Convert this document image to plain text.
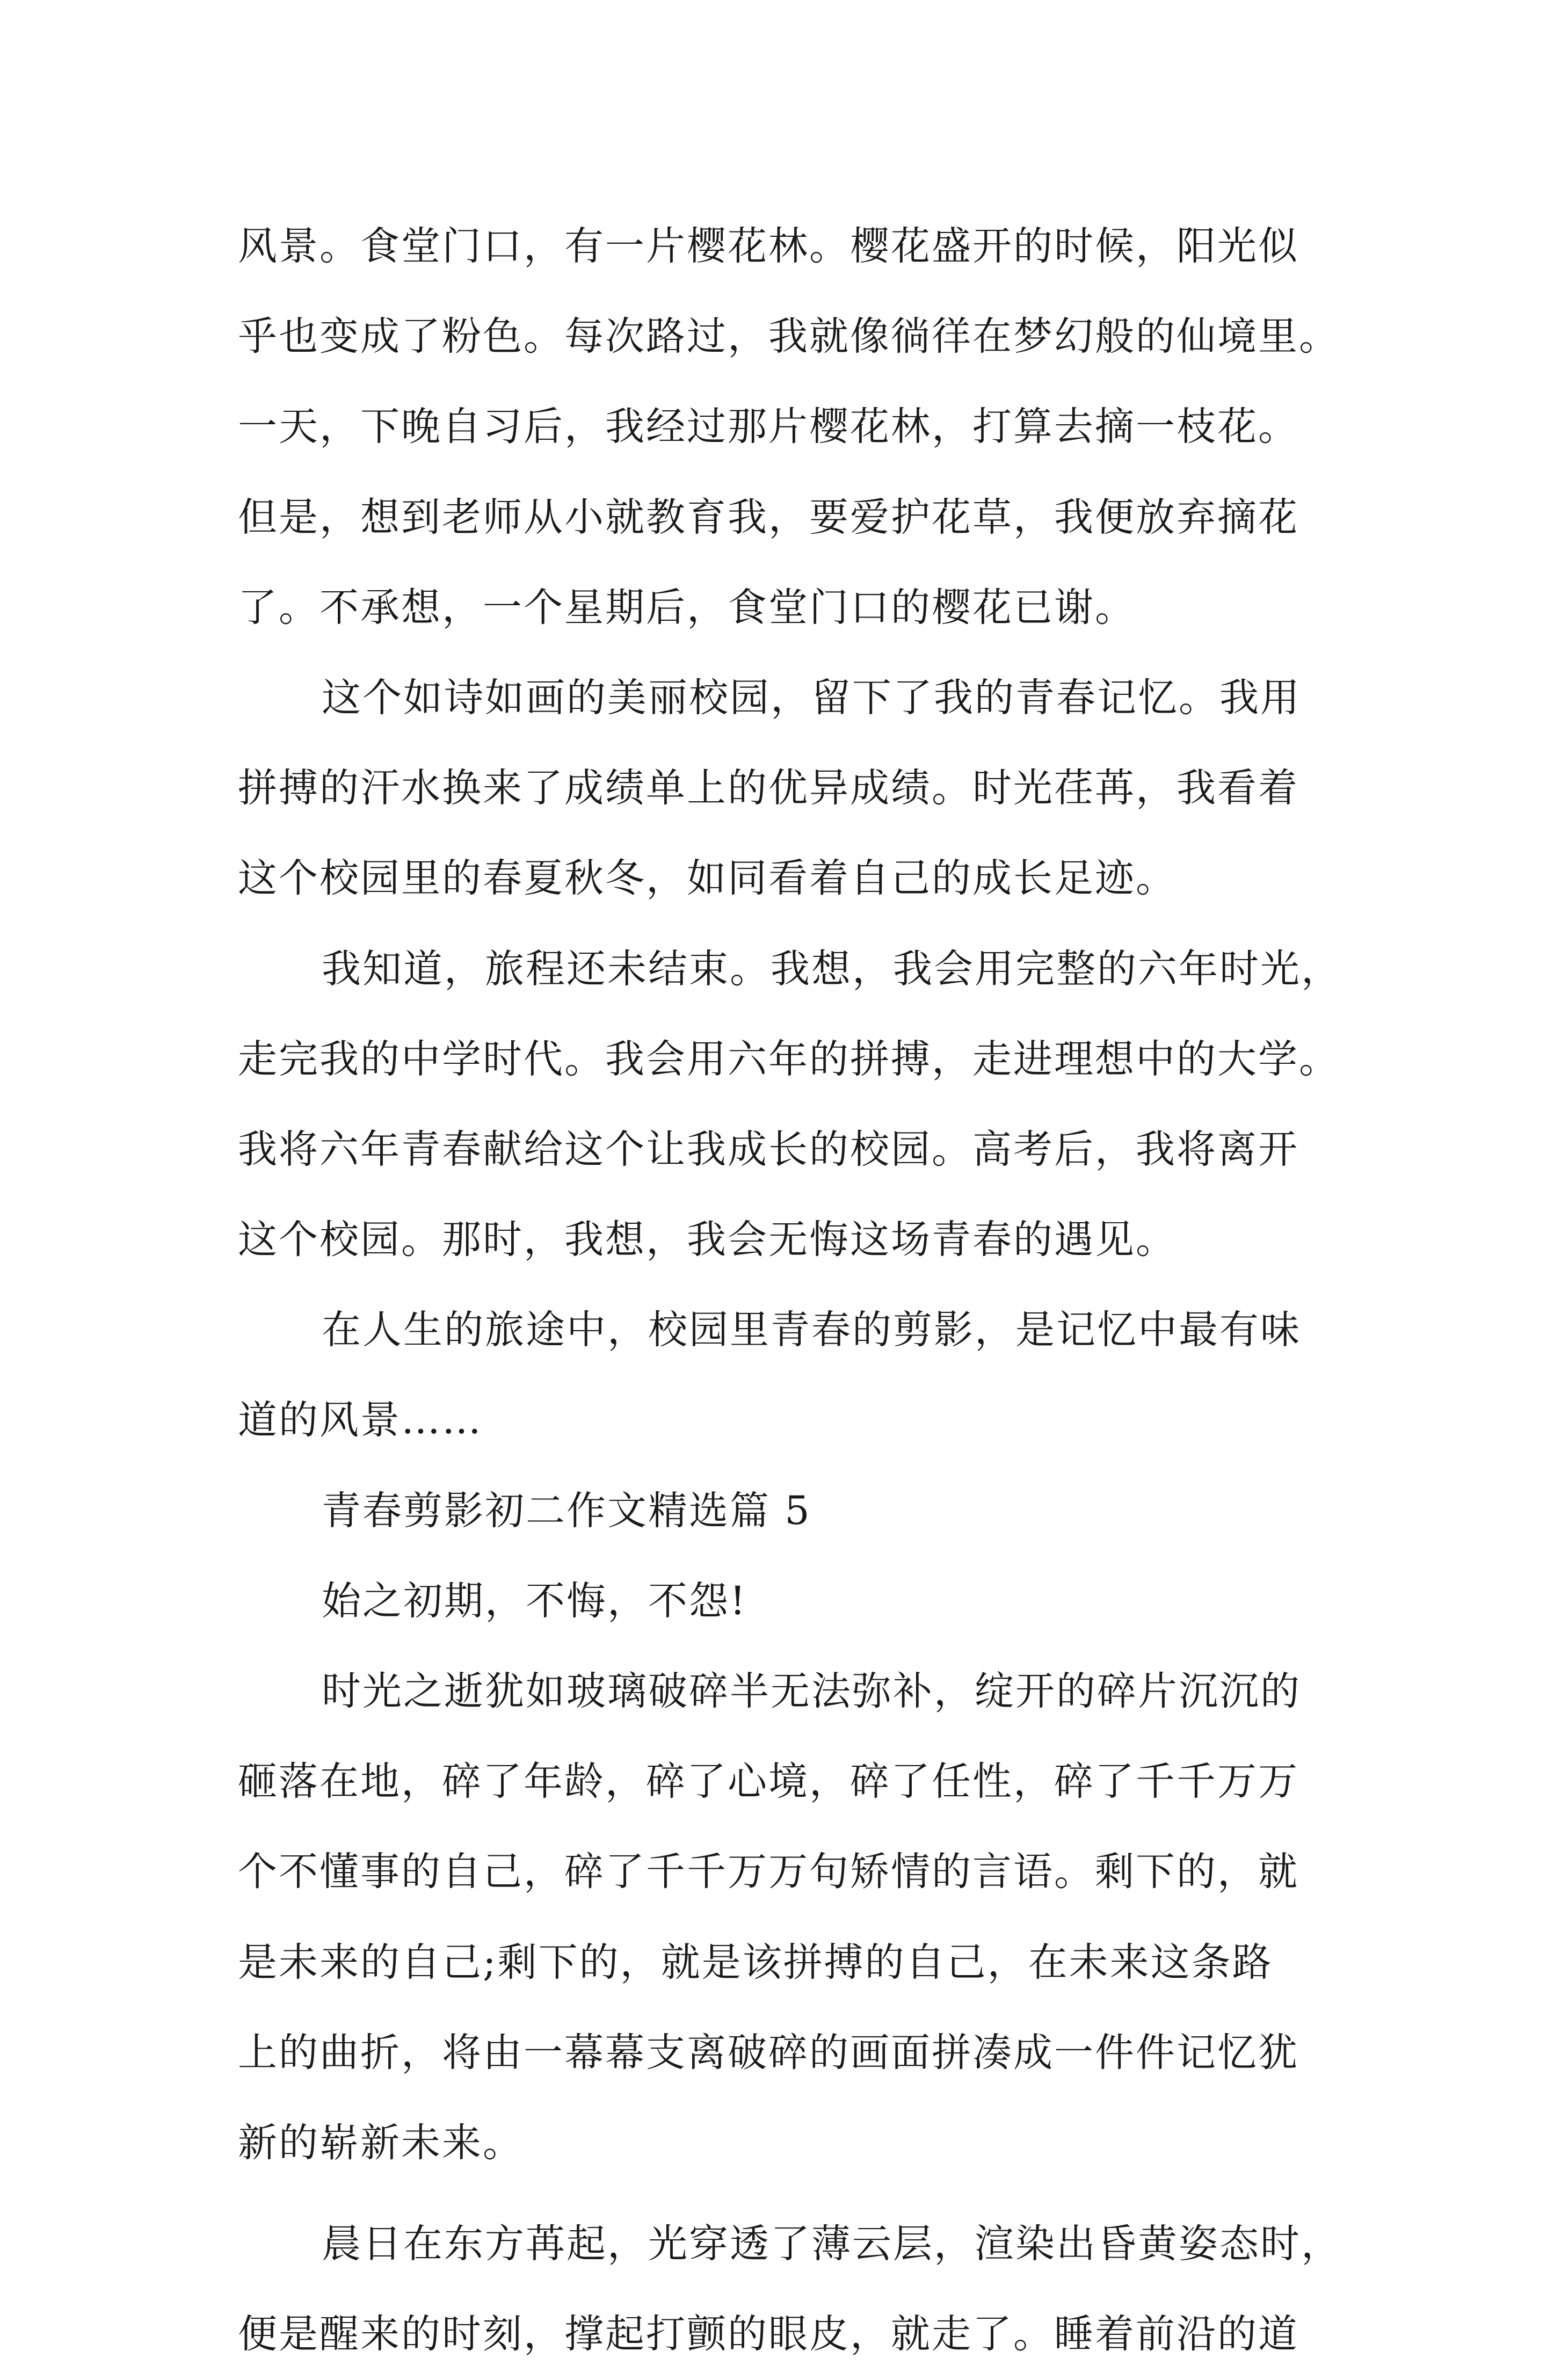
风景。食堂门口，有一片樱花林。樱花盛开的时候，阳光似
乎也变成了粉色。每次路过，我就像徜徉在梦幻般的仙境里。
一天，下晚自习后，我经过那片樱花林，打算去摘一枝花。
但是，想到老师从小就教育我，要爱护花草，我便放弃摘花
了。不承想，一个星期后，食堂门口的樱花已谢。
这个如诗如画的美丽校园，留下了我的青春记忆。我用
拼搏的汗水换来了成绩单上的优异成绩。时光荏苒，我看着
这个校园里的春夏秋冬，如同看着自己的成长足迹。
我知道，旅程还未结束。我想，我会用完整的六年时光，
走完我的中学时代。我会用六年的拼搏，走进理想中的大学。
我将六年青春献给这个让我成长的校园。高考后，我将离开
这个校园。那时，我想，我会无悔这场青春的遇见。
在人生的旅途中，校园里青春的剪影，是记忆中最有味
道的风景……
青春剪影初二作文精选篇 5
始之初期，不悔，不怨!
时光之逝犹如玻璃破碎半无法弥补，绽开的碎片沉沉的
砸落在地，碎了年龄，碎了心境，碎了任性，碎了千千万万
个不懂事的自己，碎了千千万万句矫情的言语。剩下的，就
是未来的自己;剩下的，就是该拼搏的自己，在未来这条路
上的曲折，将由一幕幕支离破碎的画面拼凑成一件件记忆犹
新的崭新未来。
晨日在东方苒起，光穿透了薄云层，渲染出昏黄姿态时，
便是醒来的时刻，撑起打颤的眼皮，就走了。睡着前沿的道
